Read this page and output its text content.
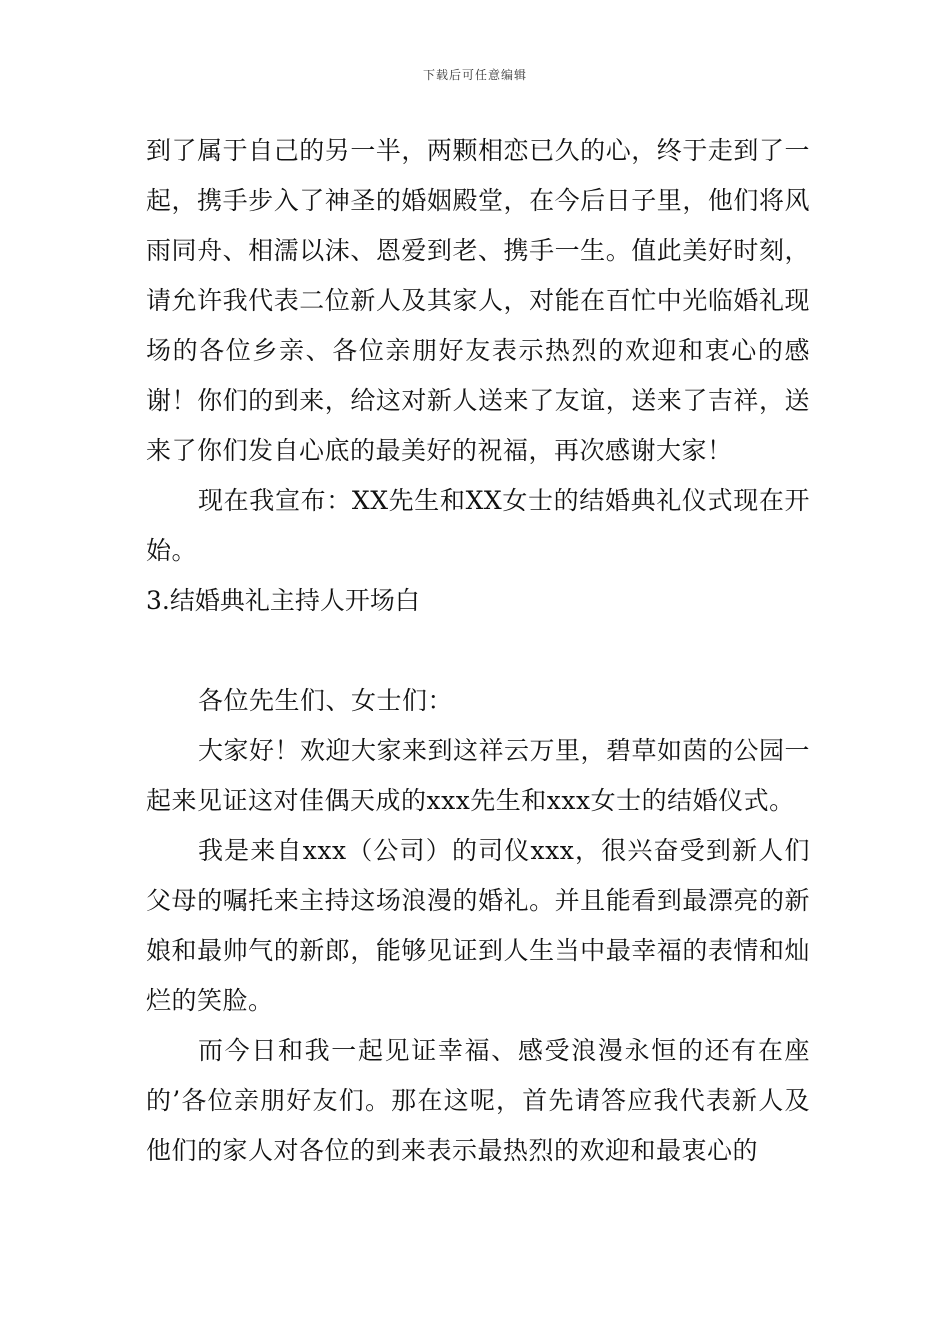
下载后可任意编辑

到了属于自己的另一半，两颗相恋已久的心，终于走到了一起，携手步入了神圣的婚姻殿堂，在今后日子里，他们将风雨同舟、相濡以沫、恩爱到老、携手一生。值此美好时刻，请允许我代表二位新人及其家人，对能在百忙中光临婚礼现场的各位乡亲、各位亲朋好友表示热烈的欢迎和衷心的感谢！你们的到来，给这对新人送来了友谊，送来了吉祥，送来了你们发自心底的最美好的祝福，再次感谢大家！

现在我宣布：XX先生和XX女士的结婚典礼仪式现在开始。

3.结婚典礼主持人开场白

各位先生们、女士们：

大家好！欢迎大家来到这祥云万里，碧草如茵的公园一起来见证这对佳偶天成的xxx先生和xxx女士的结婚仪式。

我是来自xxx（公司）的司仪xxx，很兴奋受到新人们父母的嘱托来主持这场浪漫的婚礼。并且能看到最漂亮的新娘和最帅气的新郎，能够见证到人生当中最幸福的表情和灿烂的笑脸。

而今日和我一起见证幸福、感受浪漫永恒的还有在座的’各位亲朋好友们。那在这呢，首先请答应我代表新人及他们的家人对各位的到来表示最热烈的欢迎和最衷心的
